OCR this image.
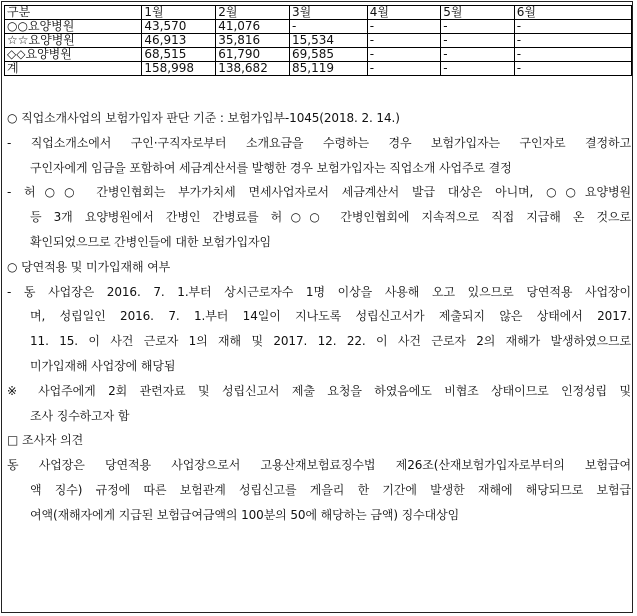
구분	1월	2월	3월	4월	5월	6월
○○요양병원	43,570	41,076	-	-	-	-
☆☆요양병원	46,913	35,816	15,534	-	-	-
◇◇요양병원	68,515	61,790	69,585	-	-	-
계	158,998	138,682	85,119	-	-	-
○ 직업소개사업의 보험가입자 판단 기준 : 보험가입부-1045(2018. 2. 14.)
- 직업소개소에서 구인·구직자로부터 소개요금을 수령하는 경우 보험가입자는 구인자로 결정하고
구인자에게 임금을 포함하여 세금계산서를 발행한 경우 보험가입자는 직업소개 사업주로 결정
- 허○○ 간병인협회는 부가가치세 면세사업자로서 세금계산서 발급 대상은 아니며, ○○요양병원
등 3개 요양병원에서 간병인 간병료를 허○○ 간병인협회에 지속적으로 직접 지급해 온 것으로
확인되었으므로 간병인들에 대한 보험가입자임
○ 당연적용 및 미가입재해 여부
- 동 사업장은 2016. 7. 1.부터 상시근로자수 1명 이상을 사용해 오고 있으므로 당연적용 사업장이
며, 성립일인 2016. 7. 1.부터 14일이 지나도록 성립신고서가 제출되지 않은 상태에서 2017.
11. 15. 이 사건 근로자 1의 재해 및 2017. 12. 22. 이 사건 근로자 2의 재해가 발생하였으므로
미가입재해 사업장에 해당됨
※ 사업주에게 2회 관련자료 및 성립신고서 제출 요청을 하였음에도 비협조 상태이므로 인정성립 및
조사 징수하고자 함
□ 조사자 의견
동 사업장은 당연적용 사업장으로서 고용산재보험료징수법 제26조(산재보험가입자로부터의 보험급여
액 징수) 규정에 따른 보험관계 성립신고를 게을리 한 기간에 발생한 재해에 해당되므로 보험급
여액(재해자에게 지급된 보험급여금액의 100분의 50에 해당하는 금액) 징수대상임
